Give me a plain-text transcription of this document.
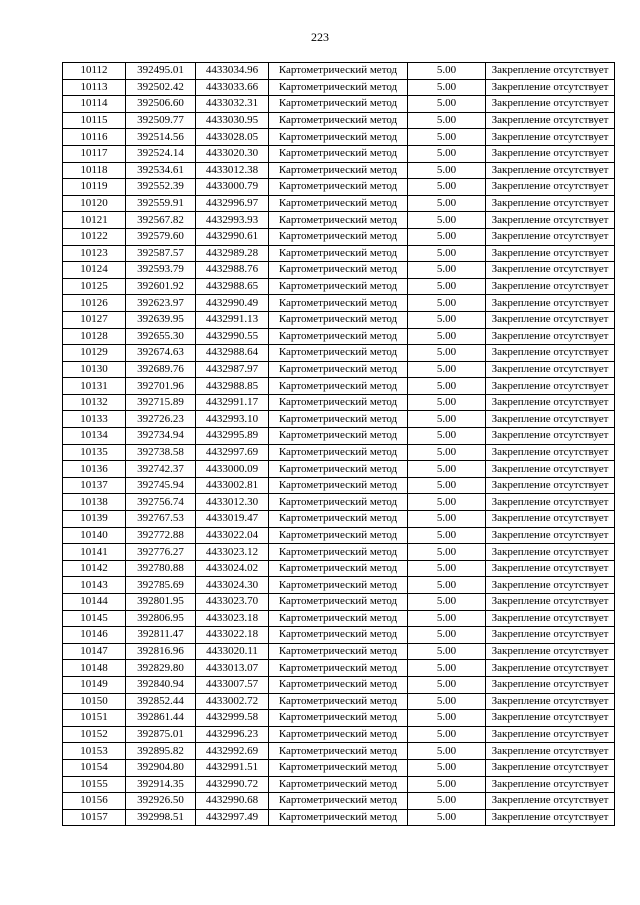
223
10112	392495.01	4433034.96	Картометрический метод	5.00	Закрепление отсутствует
10113	392502.42	4433033.66	Картометрический метод	5.00	Закрепление отсутствует
10114	392506.60	4433032.31	Картометрический метод	5.00	Закрепление отсутствует
10115	392509.77	4433030.95	Картометрический метод	5.00	Закрепление отсутствует
10116	392514.56	4433028.05	Картометрический метод	5.00	Закрепление отсутствует
10117	392524.14	4433020.30	Картометрический метод	5.00	Закрепление отсутствует
10118	392534.61	4433012.38	Картометрический метод	5.00	Закрепление отсутствует
10119	392552.39	4433000.79	Картометрический метод	5.00	Закрепление отсутствует
10120	392559.91	4432996.97	Картометрический метод	5.00	Закрепление отсутствует
10121	392567.82	4432993.93	Картометрический метод	5.00	Закрепление отсутствует
10122	392579.60	4432990.61	Картометрический метод	5.00	Закрепление отсутствует
10123	392587.57	4432989.28	Картометрический метод	5.00	Закрепление отсутствует
10124	392593.79	4432988.76	Картометрический метод	5.00	Закрепление отсутствует
10125	392601.92	4432988.65	Картометрический метод	5.00	Закрепление отсутствует
10126	392623.97	4432990.49	Картометрический метод	5.00	Закрепление отсутствует
10127	392639.95	4432991.13	Картометрический метод	5.00	Закрепление отсутствует
10128	392655.30	4432990.55	Картометрический метод	5.00	Закрепление отсутствует
10129	392674.63	4432988.64	Картометрический метод	5.00	Закрепление отсутствует
10130	392689.76	4432987.97	Картометрический метод	5.00	Закрепление отсутствует
10131	392701.96	4432988.85	Картометрический метод	5.00	Закрепление отсутствует
10132	392715.89	4432991.17	Картометрический метод	5.00	Закрепление отсутствует
10133	392726.23	4432993.10	Картометрический метод	5.00	Закрепление отсутствует
10134	392734.94	4432995.89	Картометрический метод	5.00	Закрепление отсутствует
10135	392738.58	4432997.69	Картометрический метод	5.00	Закрепление отсутствует
10136	392742.37	4433000.09	Картометрический метод	5.00	Закрепление отсутствует
10137	392745.94	4433002.81	Картометрический метод	5.00	Закрепление отсутствует
10138	392756.74	4433012.30	Картометрический метод	5.00	Закрепление отсутствует
10139	392767.53	4433019.47	Картометрический метод	5.00	Закрепление отсутствует
10140	392772.88	4433022.04	Картометрический метод	5.00	Закрепление отсутствует
10141	392776.27	4433023.12	Картометрический метод	5.00	Закрепление отсутствует
10142	392780.88	4433024.02	Картометрический метод	5.00	Закрепление отсутствует
10143	392785.69	4433024.30	Картометрический метод	5.00	Закрепление отсутствует
10144	392801.95	4433023.70	Картометрический метод	5.00	Закрепление отсутствует
10145	392806.95	4433023.18	Картометрический метод	5.00	Закрепление отсутствует
10146	392811.47	4433022.18	Картометрический метод	5.00	Закрепление отсутствует
10147	392816.96	4433020.11	Картометрический метод	5.00	Закрепление отсутствует
10148	392829.80	4433013.07	Картометрический метод	5.00	Закрепление отсутствует
10149	392840.94	4433007.57	Картометрический метод	5.00	Закрепление отсутствует
10150	392852.44	4433002.72	Картометрический метод	5.00	Закрепление отсутствует
10151	392861.44	4432999.58	Картометрический метод	5.00	Закрепление отсутствует
10152	392875.01	4432996.23	Картометрический метод	5.00	Закрепление отсутствует
10153	392895.82	4432992.69	Картометрический метод	5.00	Закрепление отсутствует
10154	392904.80	4432991.51	Картометрический метод	5.00	Закрепление отсутствует
10155	392914.35	4432990.72	Картометрический метод	5.00	Закрепление отсутствует
10156	392926.50	4432990.68	Картометрический метод	5.00	Закрепление отсутствует
10157	392998.51	4432997.49	Картометрический метод	5.00	Закрепление отсутствует
